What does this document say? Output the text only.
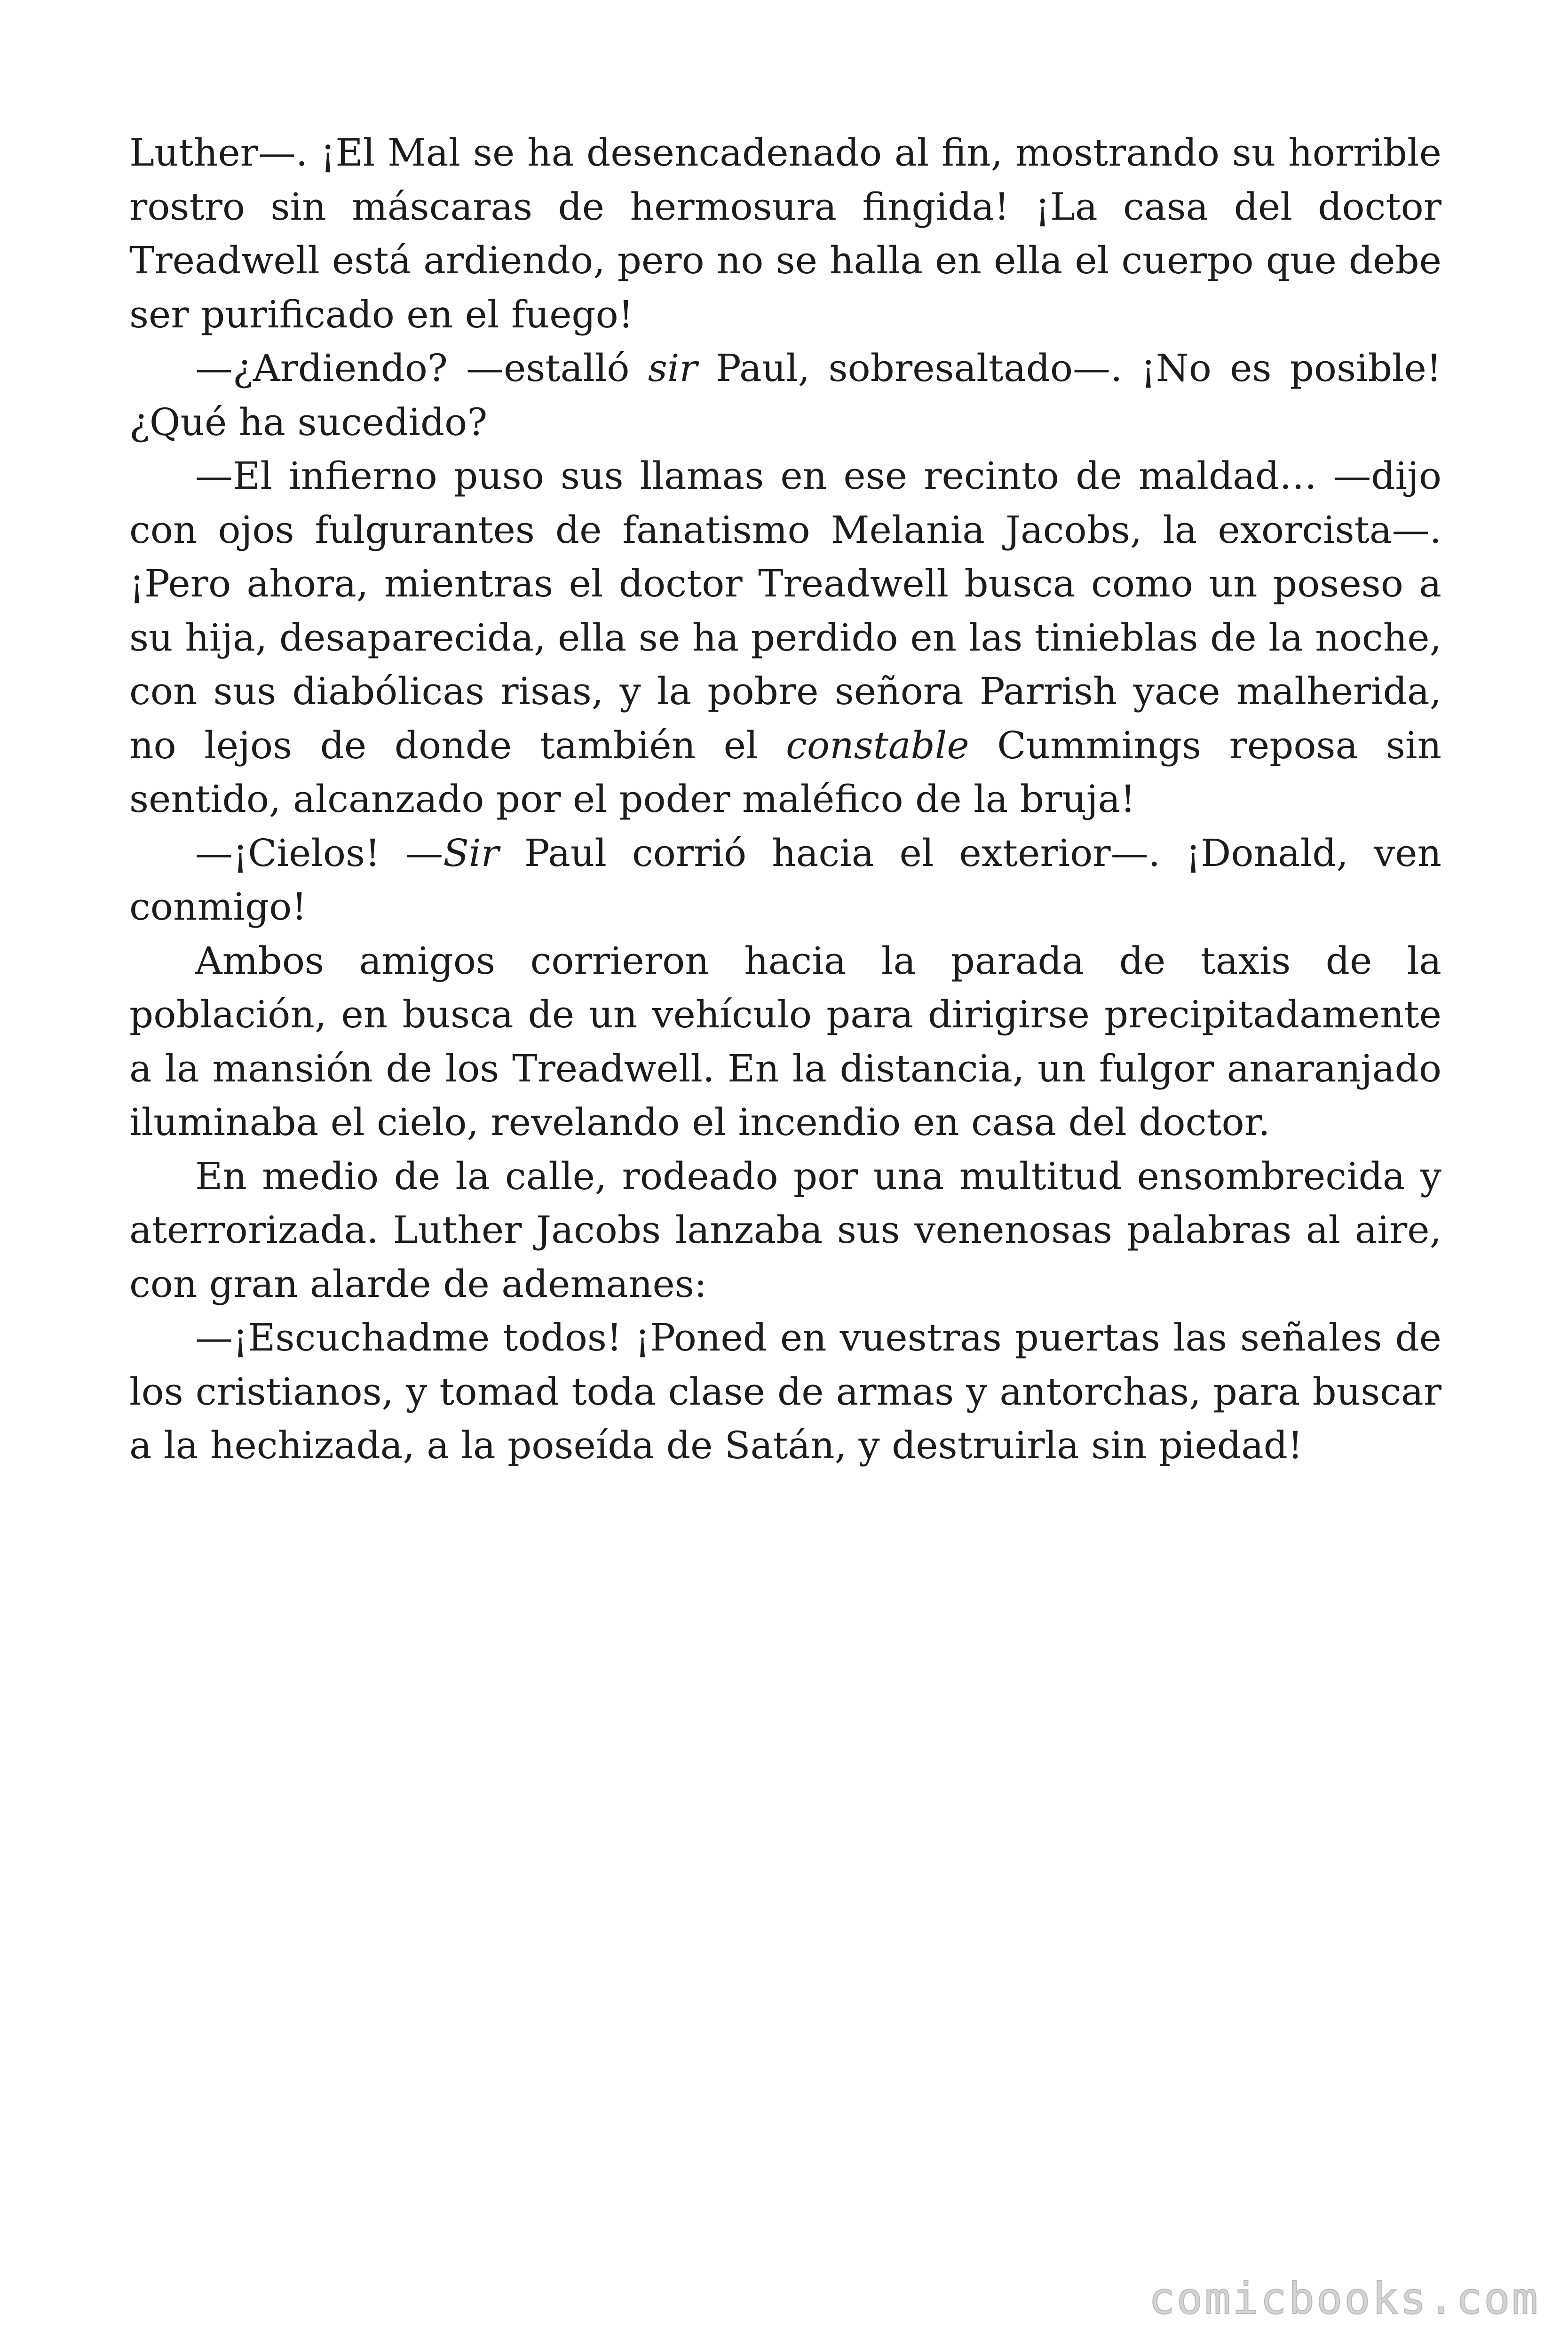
Luther—. ¡El Mal se ha desencadenado al fin, mostrando su horrible rostro sin máscaras de hermosura fingida! ¡La casa del doctor Treadwell está ardiendo, pero no se halla en ella el cuerpo que debe ser purificado en el fuego!

—¿Ardiendo? —estalló sir Paul, sobresaltado—. ¡No es posible! ¿Qué ha sucedido?

—El infierno puso sus llamas en ese recinto de maldad… —dijo con ojos fulgurantes de fanatismo Melania Jacobs, la exorcista—. ¡Pero ahora, mientras el doctor Treadwell busca como un poseso a su hija, desaparecida, ella se ha perdido en las tinieblas de la noche, con sus diabólicas risas, y la pobre señora Parrish yace malherida, no lejos de donde también el constable Cummings reposa sin sentido, alcanzado por el poder maléfico de la bruja!

—¡Cielos! —Sir Paul corrió hacia el exterior—. ¡Donald, ven conmigo!

Ambos amigos corrieron hacia la parada de taxis de la población, en busca de un vehículo para dirigirse precipitadamente a la mansión de los Treadwell. En la distancia, un fulgor anaranjado iluminaba el cielo, revelando el incendio en casa del doctor.

En medio de la calle, rodeado por una multitud ensombrecida y aterrorizada. Luther Jacobs lanzaba sus venenosas palabras al aire, con gran alarde de ademanes:

—¡Escuchadme todos! ¡Poned en vuestras puertas las señales de los cristianos, y tomad toda clase de armas y antorchas, para buscar a la hechizada, a la poseída de Satán, y destruirla sin piedad!

comicbooks.com
